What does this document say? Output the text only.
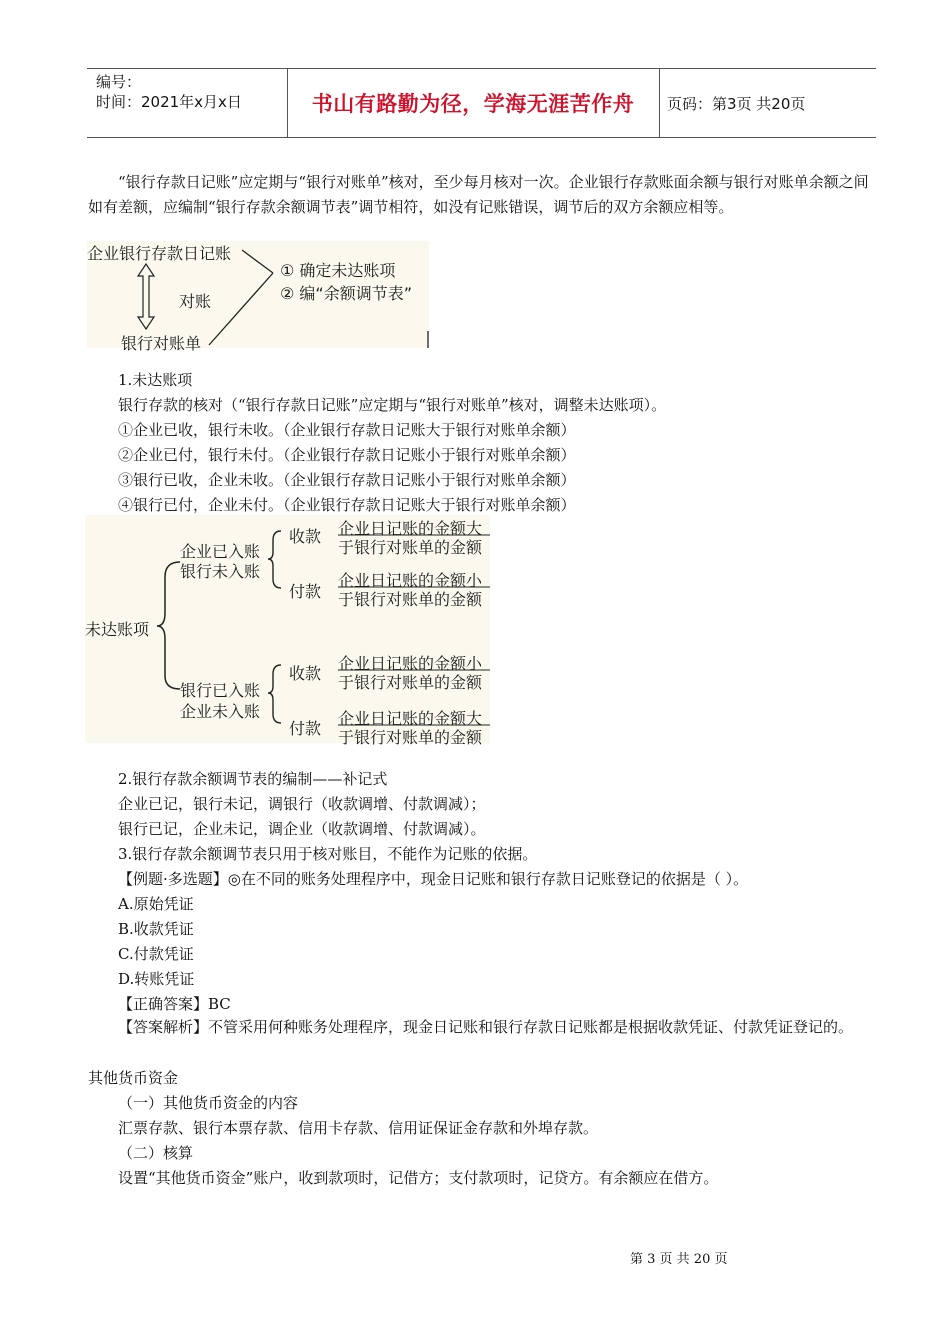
编号：
时间：2021年x月x日	书山有路勤为径，学海无涯苦作舟 页码：第3页 共20页
“银行存款日记账”应定期与“银行对账单”核对，至少每月核对一次。企业银行存款账面余额与银行对账单余额之间如有差额，应编制“银行存款余额调节表”调节相符，如没有记账错误，调节后的双方余额应相等。
企业银行存款日记账
对账
银行对账单
① 确定未达账项
② 编“余额调节表”
1.未达账项
银行存款的核对（“银行存款日记账”应定期与“银行对账单”核对，调整未达账项）。
①企业已收，银行未收。（企业银行存款日记账大于银行对账单余额）
②企业已付，银行未付。（企业银行存款日记账小于银行对账单余额）
③银行已收，企业未收。（企业银行存款日记账小于银行对账单余额）
④银行已付，企业未付。（企业银行存款日记账大于银行对账单余额）
未达账项
企业已入账
银行未入账
银行已入账
企业未入账
收款
付款
收款
付款
企业日记账的金额大
于银行对账单的金额
企业日记账的金额小
于银行对账单的金额
企业日记账的金额小
于银行对账单的金额
企业日记账的金额大
于银行对账单的金额
2.银行存款余额调节表的编制——补记式
企业已记，银行未记，调银行（收款调增、付款调减）；
银行已记，企业未记，调企业（收款调增、付款调减）。
3.银行存款余额调节表只用于核对账目，不能作为记账的依据。
【例题·多选题】◎在不同的账务处理程序中，现金日记账和银行存款日记账登记的依据是（ ）。
A.原始凭证
B.收款凭证
C.付款凭证
D.转账凭证
【正确答案】BC
【答案解析】不管采用何种账务处理程序，现金日记账和银行存款日记账都是根据收款凭证、付款凭证登记的。
其他货币资金
（一）其他货币资金的内容
汇票存款、银行本票存款、信用卡存款、信用证保证金存款和外埠存款。
（二）核算
设置“其他货币资金”账户，收到款项时，记借方；支付款项时，记贷方。有余额应在借方。
第 3 页 共 20 页
